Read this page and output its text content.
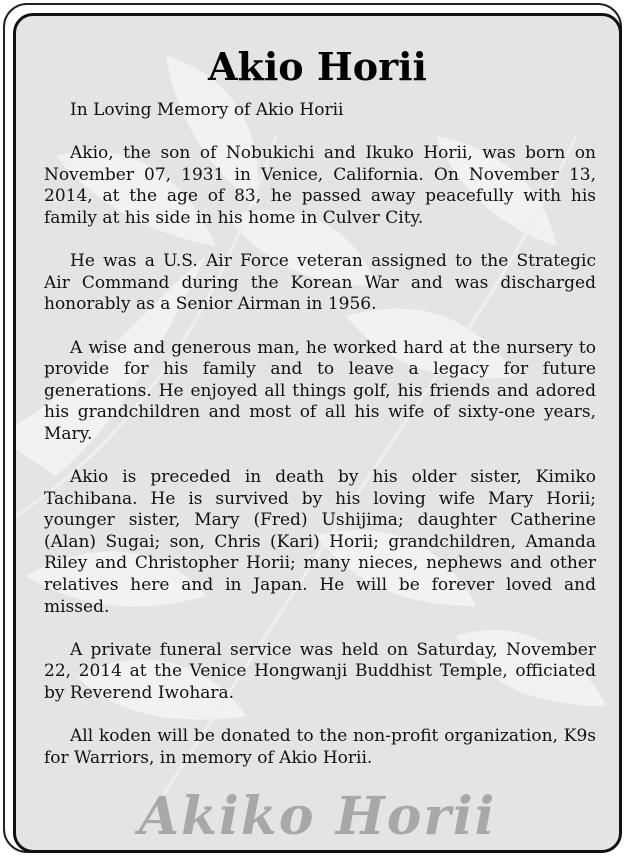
Akio Horii

In Loving Memory of Akio Horii

Akio, the son of Nobukichi and Ikuko Horii, was born on November 07, 1931 in Venice, California. On November 13, 2014, at the age of 83, he passed away peacefully with his family at his side in his home in Culver City.

He was a U.S. Air Force veteran assigned to the Strategic Air Command during the Korean War and was discharged honorably as a Senior Airman in 1956.

A wise and generous man, he worked hard at the nursery to provide for his family and to leave a legacy for future generations. He enjoyed all things golf, his friends and adored his grandchildren and most of all his wife of sixty-one years, Mary.

Akio is preceded in death by his older sister, Kimiko Tachibana. He is survived by his loving wife Mary Horii; younger sister, Mary (Fred) Ushijima; daughter Catherine (Alan) Sugai; son, Chris (Kari) Horii; grandchildren, Amanda Riley and Christopher Horii; many nieces, nephews and other relatives here and in Japan. He will be forever loved and missed.

A private funeral service was held on Saturday, November 22, 2014 at the Venice Hongwanji Buddhist Temple, officiated by Reverend Iwohara.

All koden will be donated to the non-profit organization, K9s for Warriors, in memory of Akio Horii.

Akiko Horii
